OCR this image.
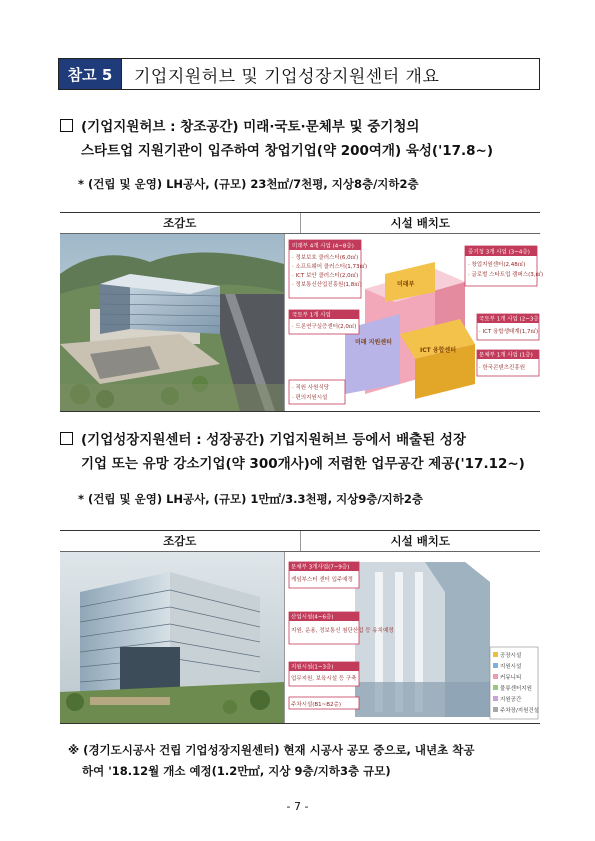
참고 5	기업지원허브 및 기업성장지원센터 개요
(기업지원허브 : 창조공간) 미래·국토·문체부 및 중기청의
스타트업 지원기관이 입주하여 창업기업(약 200여개) 육성('17.8~)
* (건립 및 운영) LH공사, (규모) 23천㎡/7천평, 지상8층/지하2층
조감도	시설 배치도
미래부
미래 지원센터
ICT 융합센터
미래부 4개 사업 (4~8층)
· 정보보호 클러스터(6,0㎡)
· 소프트웨어 클러스터(1,73㎡)
· ICT 보안 클러스터(2,0㎡)
· 정보통신산업진흥원(1,8㎡)
중기청 3개 사업 (3~4층)
· 창업지원센터(2,48㎡)
· 글로벌 스타트업 캠퍼스(3,㎡)
국토부 1개 사업
· 드론연구실증센터(2,0㎡)
국토부 1개 사업 (2~3층)
· ICT 융합생태계(1,7㎡)
문체부 1개 사업 (1층)
· 한국콘텐츠진흥원
· 직원 사원식당
· 편의지원시설
(기업성장지원센터 : 성장공간) 기업지원허브 등에서 배출된 성장
기업 또는 유망 강소기업(약 300개사)에 저렴한 업무공간 제공('17.12~)
* (건립 및 운영) LH공사, (규모) 1만㎡/3.3천평, 지상9층/지하2층
조감도	시설 배치도
문체부 3개사업(7~9층)
게임부스터 센터 입주예정
산업시설(4~6층)
지원, 운용, 정보통신 첨단산업 등 유치예정
지원시설(1~3층)
업무지원, 보육시설 등 구축
주차시설(B1~B2층)
공장시설
지원시설
커뮤니티
물류센터지원
지원공간
주차장/지원건설
※ (경기도시공사 건립 기업성장지원센터) 현재 시공사 공모 중으로, 내년초 착공
하여 '18.12월 개소 예정(1.2만㎡, 지상 9층/지하3층 규모)
- 7 -
